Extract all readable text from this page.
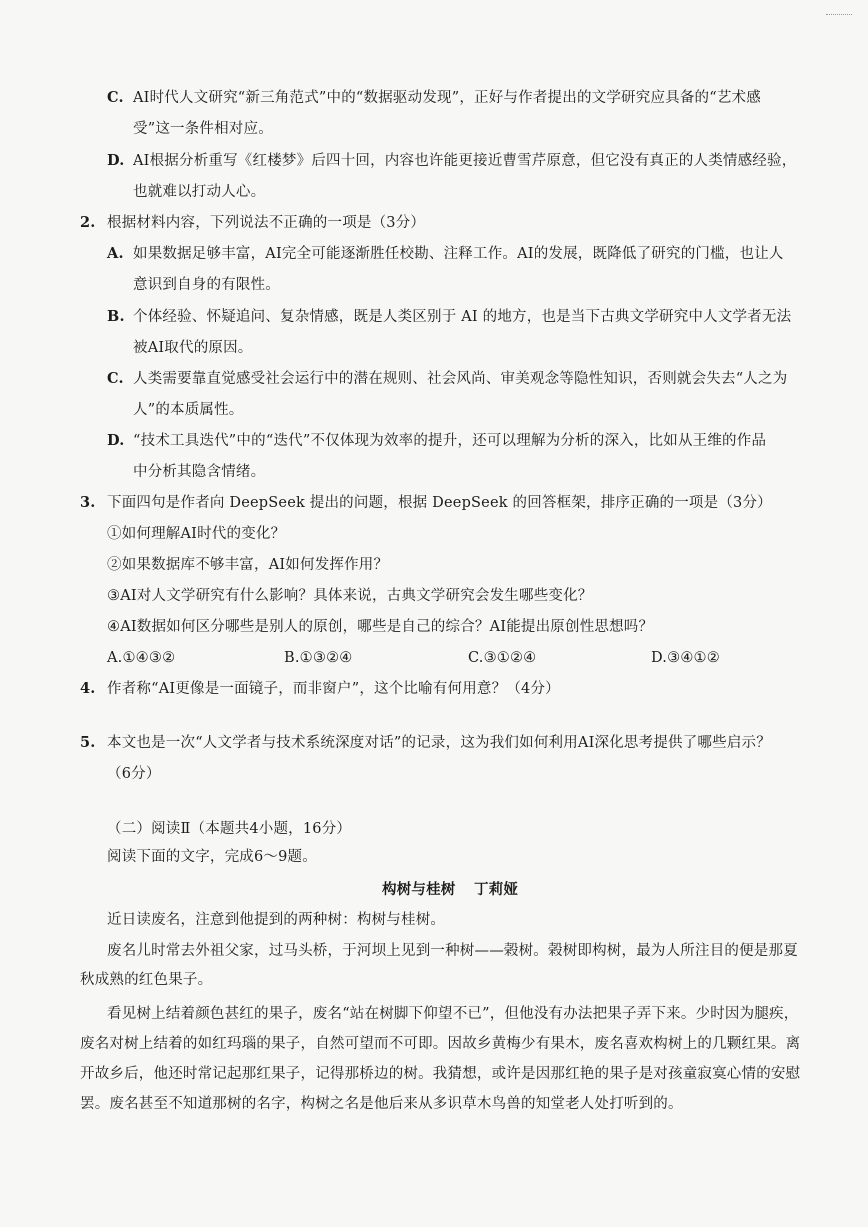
C. AI时代人文研究“新三角范式”中的“数据驱动发现”，正好与作者提出的文学研究应具备的“艺术感
受”这一条件相对应。
D. AI根据分析重写《红楼梦》后四十回，内容也许能更接近曹雪芹原意，但它没有真正的人类情感经验，
也就难以打动人心。
2. 根据材料内容，下列说法不正确的一项是（3分）
A. 如果数据足够丰富，AI完全可能逐渐胜任校勘、注释工作。AI的发展，既降低了研究的门槛，也让人
意识到自身的有限性。
B. 个体经验、怀疑追问、复杂情感，既是人类区别于 AI 的地方，也是当下古典文学研究中人文学者无法
被AI取代的原因。
C. 人类需要靠直觉感受社会运行中的潜在规则、社会风尚、审美观念等隐性知识，否则就会失去“人之为
人”的本质属性。
D. “技术工具迭代”中的“迭代”不仅体现为效率的提升，还可以理解为分析的深入，比如从王维的作品
中分析其隐含情绪。
3. 下面四句是作者向 DeepSeek 提出的问题，根据 DeepSeek 的回答框架，排序正确的一项是（3分）
①如何理解AI时代的变化？
②如果数据库不够丰富，AI如何发挥作用？
③AI对人文学研究有什么影响？具体来说，古典文学研究会发生哪些变化？
④AI数据如何区分哪些是别人的原创，哪些是自己的综合？AI能提出原创性思想吗？
A.①④③②	B.①③②④	C.③①②④	D.③④①②
4. 作者称“AI更像是一面镜子，而非窗户”，这个比喻有何用意？（4分）
5. 本文也是一次“人文学者与技术系统深度对话”的记录，这为我们如何利用AI深化思考提供了哪些启示？
（6分）
（二）阅读Ⅱ（本题共4小题，16分）
阅读下面的文字，完成6～9题。
构树与桂树 丁莉娅
近日读废名，注意到他提到的两种树：构树与桂树。
废名儿时常去外祖父家，过马头桥，于河坝上见到一种树——榖树。榖树即构树，最为人所注目的便是那夏
秋成熟的红色果子。
看见树上结着颜色甚红的果子，废名“站在树脚下仰望不已”，但他没有办法把果子弄下来。少时因为腿疾，
废名对树上结着的如红玛瑙的果子，自然可望而不可即。因故乡黄梅少有果木，废名喜欢构树上的几颗红果。离
开故乡后，他还时常记起那红果子，记得那桥边的树。我猜想，或许是因那红艳的果子是对孩童寂寞心情的安慰
罢。废名甚至不知道那树的名字，构树之名是他后来从多识草木鸟兽的知堂老人处打听到的。
